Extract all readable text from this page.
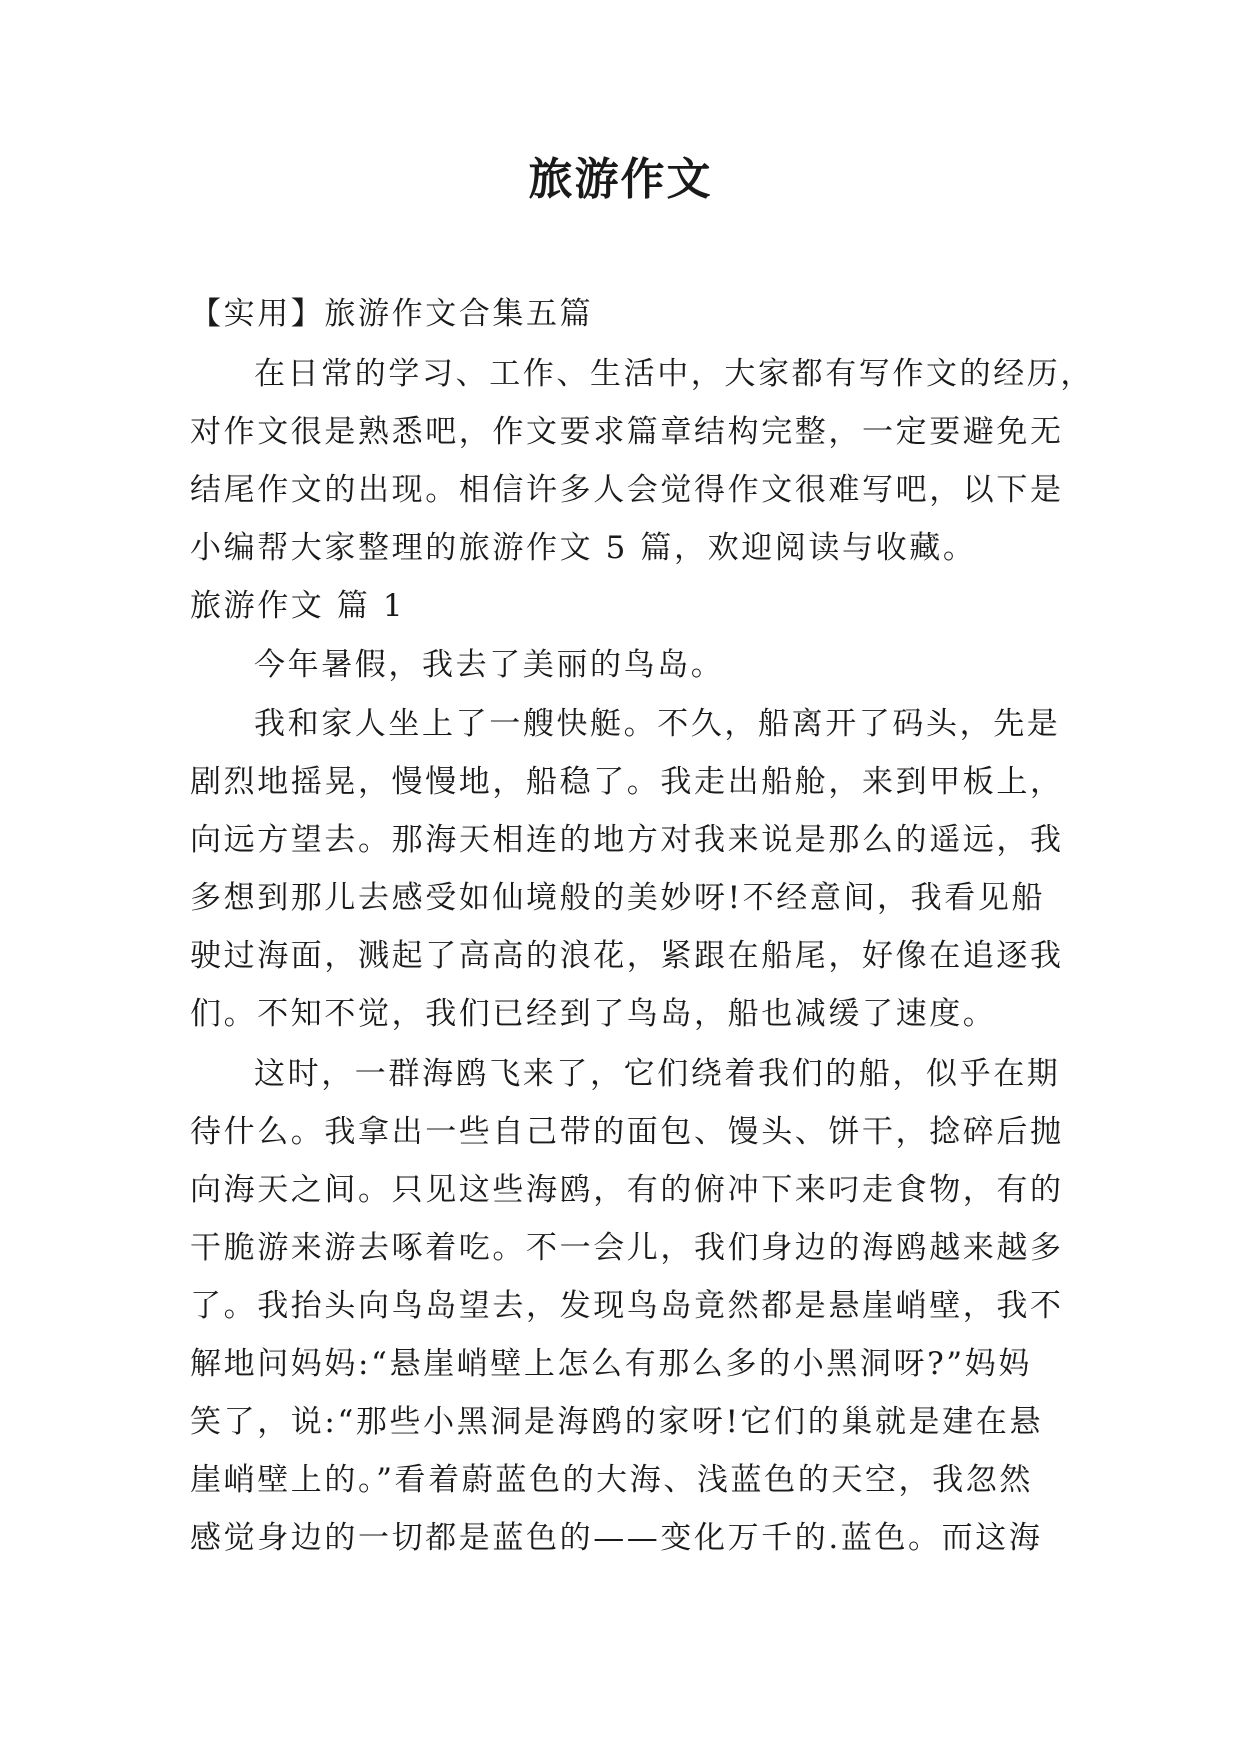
旅游作文
【实用】旅游作文合集五篇
在日常的学习、工作、生活中，大家都有写作文的经历，
对作文很是熟悉吧，作文要求篇章结构完整，一定要避免无
结尾作文的出现。相信许多人会觉得作文很难写吧，以下是
小编帮大家整理的旅游作文 5 篇，欢迎阅读与收藏。
旅游作文 篇 1
今年暑假，我去了美丽的鸟岛。
我和家人坐上了一艘快艇。不久，船离开了码头，先是
剧烈地摇晃，慢慢地，船稳了。我走出船舱，来到甲板上，
向远方望去。那海天相连的地方对我来说是那么的遥远，我
多想到那儿去感受如仙境般的美妙呀!不经意间，我看见船
驶过海面，溅起了高高的浪花，紧跟在船尾，好像在追逐我
们。不知不觉，我们已经到了鸟岛，船也减缓了速度。
这时，一群海鸥飞来了，它们绕着我们的船，似乎在期
待什么。我拿出一些自己带的面包、馒头、饼干，捻碎后抛
向海天之间。只见这些海鸥，有的俯冲下来叼走食物，有的
干脆游来游去啄着吃。不一会儿，我们身边的海鸥越来越多
了。我抬头向鸟岛望去，发现鸟岛竟然都是悬崖峭壁，我不
解地问妈妈:“悬崖峭壁上怎么有那么多的小黑洞呀?”妈妈
笑了，说:“那些小黑洞是海鸥的家呀!它们的巢就是建在悬
崖峭壁上的。”看着蔚蓝色的大海、浅蓝色的天空，我忽然
感觉身边的一切都是蓝色的——变化万千的.蓝色。而这海
